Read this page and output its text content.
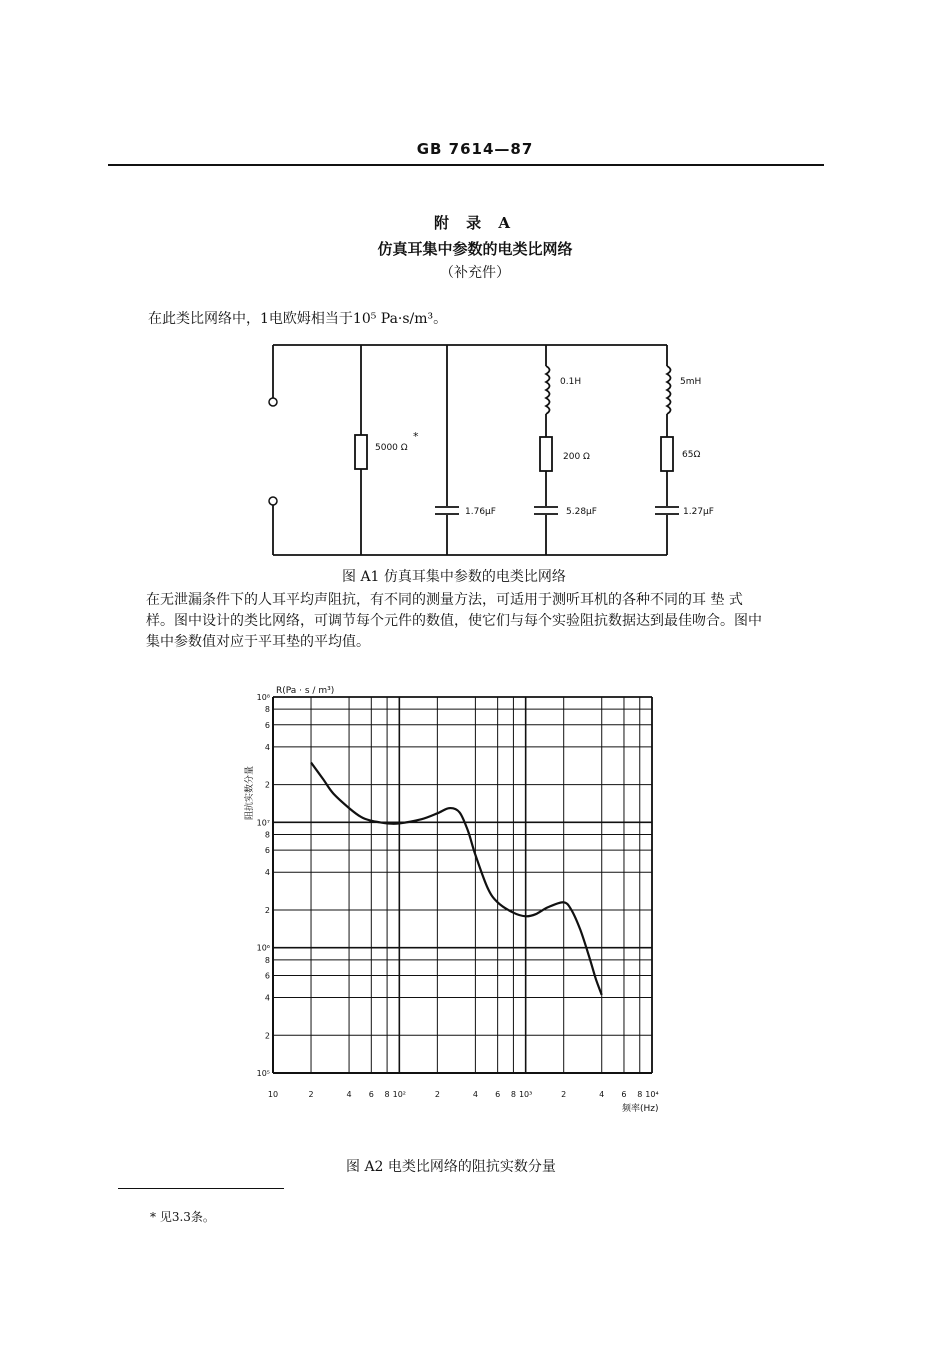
GB 7614—87
附 录 A
仿真耳集中参数的电类比网络
（补充件）
在此类比网络中，1电欧姆相当于10⁵ Pa·s/m³。
5000 Ω
*
1.76μF
0.1H
200 Ω
5.28μF
5mH
65Ω
1.27μF
图 A1 仿真耳集中参数的电类比网络

在无泄漏条件下的人耳平均声阻抗，有不同的测量方法，可适用于测听耳机的各种不同的耳 垫 式

样。图中设计的类比网络，可调节每个元件的数值，使它们与每个实验阻抗数据达到最佳吻合。图中

集中参数值对应于平耳垫的平均值。

10	2	4 6 8 10²	2	4 6 8 10³	2	4 6 8 10⁴
10⁸
8
6
4
2
10⁷
8
6
4
2
10⁶
8
6
4
2
10⁵
阻抗实数分量
R(Pa · s / m³)
频率(Hz)
图 A2 电类比网络的阻抗实数分量
* 见3.3条。
